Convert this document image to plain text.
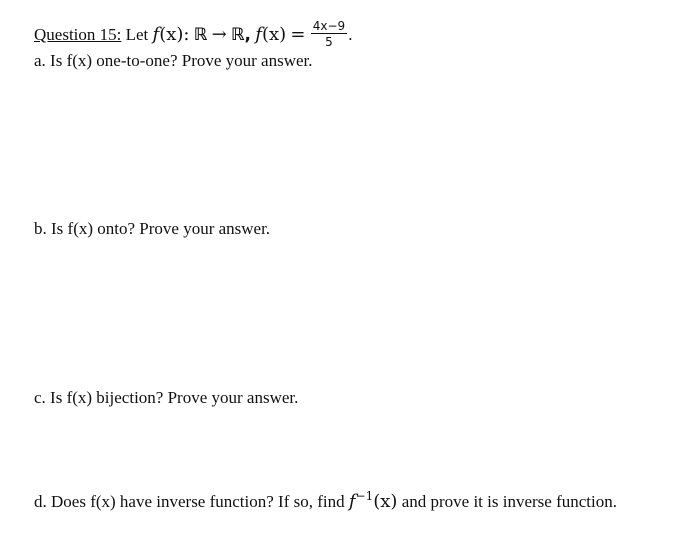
Question 15: Let f(x): ℝ → ℝ, $f(x) = \frac{4x-9}{5}$ .
a. Is f(x) one-to-one? Prove your answer.
b. Is f(x) onto? Prove your answer.
c. Is f(x) bijection? Prove your answer.
d. Does f(x) have inverse function? If so, find $f^{-1}(x)$ and prove it is inverse function.
